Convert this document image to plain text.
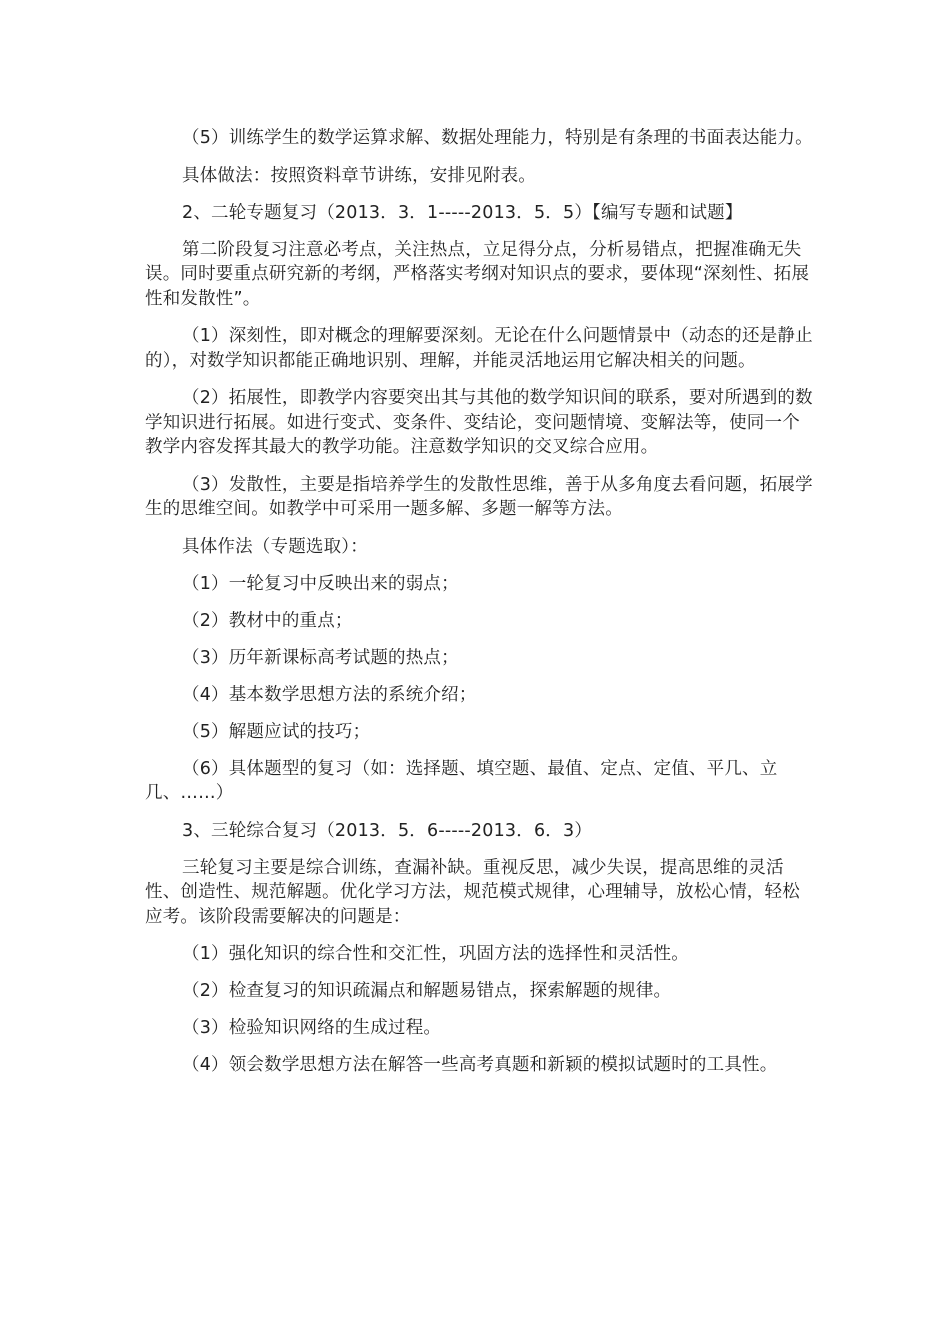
（5）训练学生的数学运算求解、数据处理能力，特别是有条理的书面表达能力。

具体做法：按照资料章节讲练，安排见附表。

2、二轮专题复习（2013．3．1-----2013．5．5）【编写专题和试题】

第二阶段复习注意必考点，关注热点，立足得分点，分析易错点，把握准确无失误。同时要重点研究新的考纲，严格落实考纲对知识点的要求，要体现“深刻性、拓展性和发散性”。

（1）深刻性，即对概念的理解要深刻。无论在什么问题情景中（动态的还是静止的），对数学知识都能正确地识别、理解，并能灵活地运用它解决相关的问题。

（2）拓展性，即教学内容要突出其与其他的数学知识间的联系，要对所遇到的数学知识进行拓展。如进行变式、变条件、变结论，变问题情境、变解法等，使同一个教学内容发挥其最大的教学功能。注意数学知识的交叉综合应用。

（3）发散性，主要是指培养学生的发散性思维，善于从多角度去看问题，拓展学生的思维空间。如教学中可采用一题多解、多题一解等方法。

具体作法（专题选取）：

（1）一轮复习中反映出来的弱点；

（2）教材中的重点；

（3）历年新课标高考试题的热点；

（4）基本数学思想方法的系统介绍；

（5）解题应试的技巧；

（6）具体题型的复习（如：选择题、填空题、最值、定点、定值、平几、立几、……）

3、三轮综合复习（2013．5．6-----2013．6．3）

三轮复习主要是综合训练，查漏补缺。重视反思，减少失误，提高思维的灵活性、创造性、规范解题。优化学习方法，规范模式规律，心理辅导，放松心情，轻松应考。该阶段需要解决的问题是：

（1）强化知识的综合性和交汇性，巩固方法的选择性和灵活性。

（2）检查复习的知识疏漏点和解题易错点，探索解题的规律。

（3）检验知识网络的生成过程。

（4）领会数学思想方法在解答一些高考真题和新颖的模拟试题时的工具性。
